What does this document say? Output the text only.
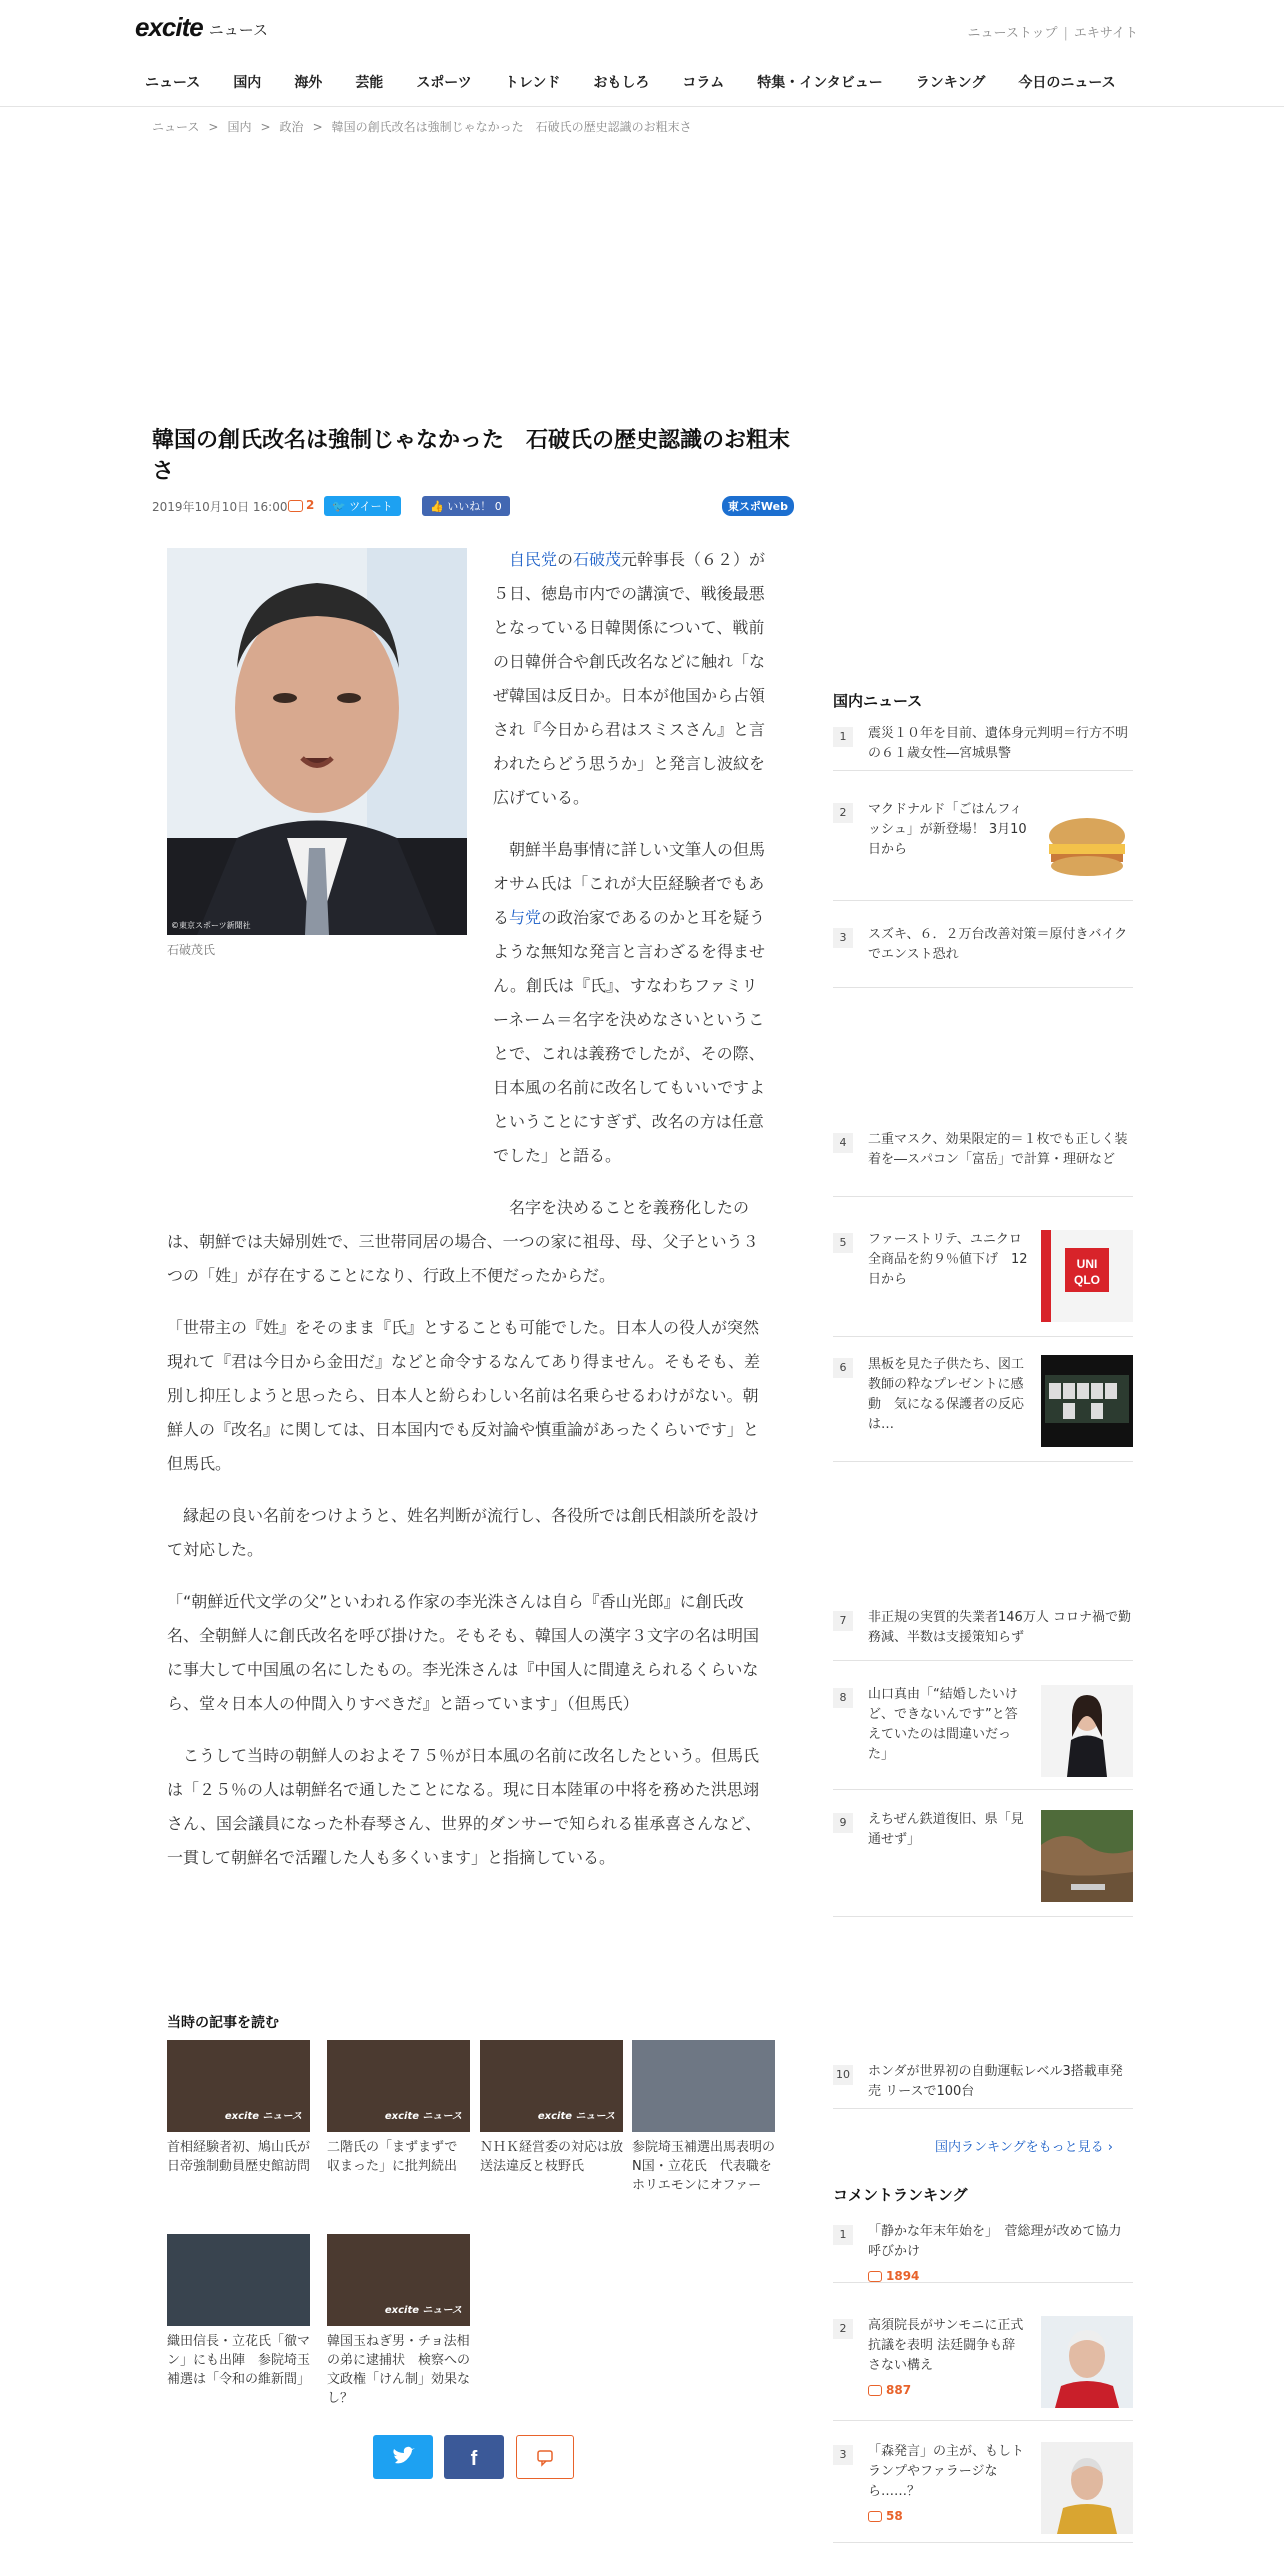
excite ニュース	ニューストップ | エキサイト
ニュース 国内 海外 芸能 スポーツ トレンド おもしろ コラム 特集・インタビュー ランキング 今日のニュース
ニュース > 国内 > 政治 > 韓国の創氏改名は強制じゃなかった　石破氏の歴史認識のお粗末さ
韓国の創氏改名は強制じゃなかった　石破氏の歴史認識のお粗末さ
2019年10月10日 16:00	2	🐦 ツイート	👍 いいね！ 0	東スポWeb
©東京スポーツ新聞社
石破茂氏

自民党の石破茂元幹事長（６２）が５日、徳島市内での講演で、戦後最悪となっている日韓関係について、戦前の日韓併合や創氏改名などに触れ「なぜ韓国は反日か。日本が他国から占領され『今日から君はスミスさん』と言われたらどう思うか」と発言し波紋を広げている。

朝鮮半島事情に詳しい文筆人の但馬オサム氏は「これが大臣経験者でもある与党の政治家であるのかと耳を疑うような無知な発言と言わざるを得ません。創氏は『氏』、すなわちファミリーネーム＝名字を決めなさいということで、これは義務でしたが、その際、日本風の名前に改名してもいいですよということにすぎず、改名の方は任意でした」と語る。

名字を決めることを義務化したのは、朝鮮では夫婦別姓で、三世帯同居の場合、一つの家に祖母、母、父子という３つの「姓」が存在することになり、行政上不便だったからだ。

「世帯主の『姓』をそのまま『氏』とすることも可能でした。日本人の役人が突然現れて『君は今日から金田だ』などと命令するなんてあり得ません。そもそも、差別し抑圧しようと思ったら、日本人と紛らわしい名前は名乗らせるわけがない。朝鮮人の『改名』に関しては、日本国内でも反対論や慎重論があったくらいです」と但馬氏。

縁起の良い名前をつけようと、姓名判断が流行し、各役所では創氏相談所を設けて対応した。

「“朝鮮近代文学の父”といわれる作家の李光洙さんは自ら『香山光郎』に創氏改名、全朝鮮人に創氏改名を呼び掛けた。そもそも、韓国人の漢字３文字の名は明国に事大して中国風の名にしたもの。李光洙さんは『中国人に間違えられるくらいなら、堂々日本人の仲間入りすべきだ』と語っています」（但馬氏）

こうして当時の朝鮮人のおよそ７５％が日本風の名前に改名したという。但馬氏は「２５％の人は朝鮮名で通したことになる。現に日本陸軍の中将を務めた洪思翊さん、国会議員になった朴春琴さん、世界的ダンサーで知られる崔承喜さんなど、一貫して朝鮮名で活躍した人も多くいます」と指摘している。

当時の記事を読む
excite ニュース
首相経験者初、鳩山氏が日帝強制動員歴史館訪問
excite ニュース
二階氏の「まずまずで収まった」に批判続出
excite ニュース
ＮＨＫ経営委の対応は放送法違反と枝野氏
参院埼玉補選出馬表明のN国・立花氏　代表職をホリエモンにオファー
織田信長・立花氏「徹マン」にも出陣　参院埼玉補選は「令和の維新間」
excite ニュース
韓国玉ねぎ男・チョ法相の弟に逮捕状　検察への文政権「けん制」効果なし？
f
国内ニュース
1	震災１０年を目前、遺体身元判明＝行方不明の６１歳女性―宮城県警
2	マクドナルド「ごはんフィッシュ」が新登場！ 3月10日から
3	スズキ、６．２万台改善対策＝原付きバイクでエンスト恐れ
4	二重マスク、効果限定的＝１枚でも正しく装着を―スパコン「富岳」で計算・理研など
5	ファーストリテ、ユニクロ全商品を約９％値下げ　12日から
UNI
QLO
6	黒板を見た子供たち、図工教師の粋なプレゼントに感動　気になる保護者の反応は…
7	非正規の実質的失業者146万人 コロナ禍で勤務減、半数は支援策知らず
8	山口真由「“結婚したいけど、できないんです”と答えていたのは間違いだった」
9	えちぜん鉄道復旧、県「見通せず」
10 ホンダが世界初の自動運転レベル3搭載車発売 リースで100台
国内ランキングをもっと見る ›
コメントランキング
1	「静かな年末年始を」　菅総理が改めて協力呼びかけ
1894
2	高須院長がサンモニに正式抗議を表明 法廷闘争も辞さない構え
887
3	「森発言」の主が、もしトランプやファラージなら……？
58
